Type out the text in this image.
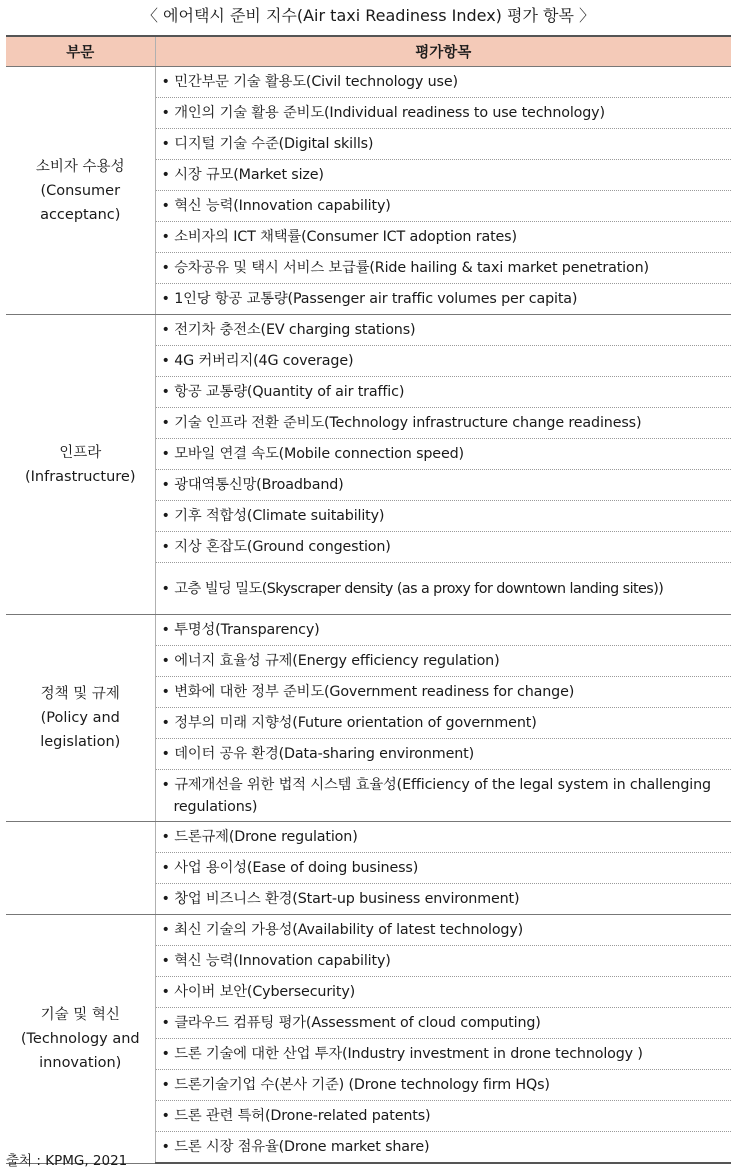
〈 에어택시 준비 지수(Air taxi Readiness Index) 평가 항목 〉
부문	평가항목

소비자 수용성
(Consumer
acceptanc)	• 민간부문 기술 활용도(Civil technology use)
	• 개인의 기술 활용 준비도(Individual readiness to use technology)
	• 디지털 기술 수준(Digital skills)
	• 시장 규모(Market size)
	• 혁신 능력(Innovation capability)
	• 소비자의 ICT 채택률(Consumer ICT adoption rates)
	• 승차공유 및 택시 서비스 보급률(Ride hailing & taxi market penetration)
	• 1인당 항공 교통량(Passenger air traffic volumes per capita)

인프라
(Infrastructure)	• 전기차 충전소(EV charging stations)
	• 4G 커버리지(4G coverage)
	• 항공 교통량(Quantity of air traffic)
	• 기술 인프라 전환 준비도(Technology infrastructure change readiness)
	• 모바일 연결 속도(Mobile connection speed)
	• 광대역통신망(Broadband)
	• 기후 적합성(Climate suitability)
	• 지상 혼잡도(Ground congestion)
	• 고층 빌딩 밀도(Skyscraper density (as a proxy for downtown landing sites))

정책 및 규제
(Policy and
legislation)	• 투명성(Transparency)
	• 에너지 효율성 규제(Energy efficiency regulation)
	• 변화에 대한 정부 준비도(Government readiness for change)
	• 정부의 미래 지향성(Future orientation of government)
	• 데이터 공유 환경(Data-sharing environment)
	• 규제개선을 위한 법적 시스템 효율성(Efficiency of the legal system in challenging regulations)
	• 드론규제(Drone regulation)
	• 사업 용이성(Ease of doing business)
	• 창업 비즈니스 환경(Start-up business environment)

기술 및 혁신
(Technology and
innovation)	• 최신 기술의 가용성(Availability of latest technology)
	• 혁신 능력(Innovation capability)
	• 사이버 보안(Cybersecurity)
	• 클라우드 컴퓨팅 평가(Assessment of cloud computing)
	• 드론 기술에 대한 산업 투자(Industry investment in drone technology )
	• 드론기술기업 수(본사 기준) (Drone technology firm HQs)
	• 드론 관련 특허(Drone-related patents)
	• 드론 시장 점유율(Drone market share)
출처 : KPMG, 2021
